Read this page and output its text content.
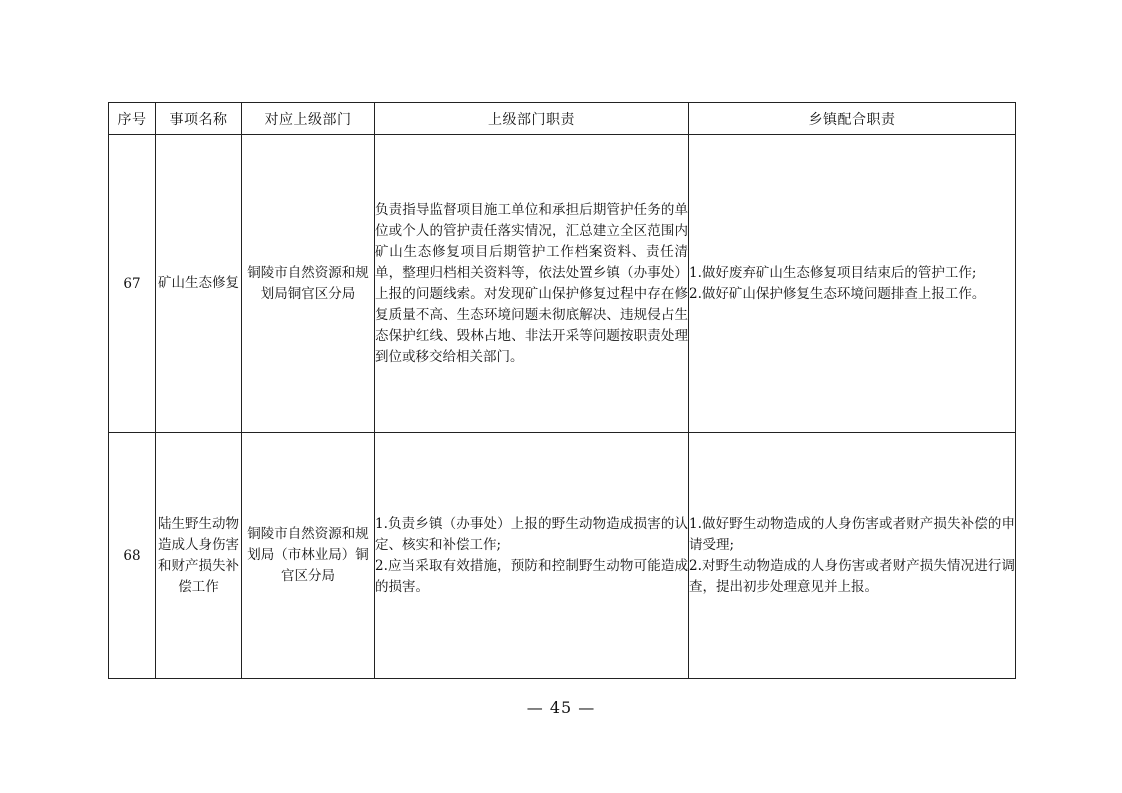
序号	事项名称	对应上级部门	上级部门职责	乡镇配合职责
67	矿山生态修复	铜陵市自然资源和规划局铜官区分局	负责指导监督项目施工单位和承担后期管护任务的单位或个人的管护责任落实情况，汇总建立全区范围内矿山生态修复项目后期管护工作档案资料、责任清单，整理归档相关资料等，依法处置乡镇（办事处）上报的问题线索。对发现矿山保护修复过程中存在修复质量不高、生态环境问题未彻底解决、违规侵占生态保护红线、毁林占地、非法开采等问题按职责处理到位或移交给相关部门。	1.做好废弃矿山生态修复项目结束后的管护工作;
2.做好矿山保护修复生态环境问题排查上报工作。

68	陆生野生动物造成人身伤害和财产损失补偿工作	铜陵市自然资源和规划局（市林业局）铜官区分局	1.负责乡镇（办事处）上报的野生动物造成损害的认定、核实和补偿工作;
2.应当采取有效措施，预防和控制野生动物可能造成的损害。	1.做好野生动物造成的人身伤害或者财产损失补偿的申请受理;
2.对野生动物造成的人身伤害或者财产损失情况进行调查，提出初步处理意见并上报。
— 45 —
